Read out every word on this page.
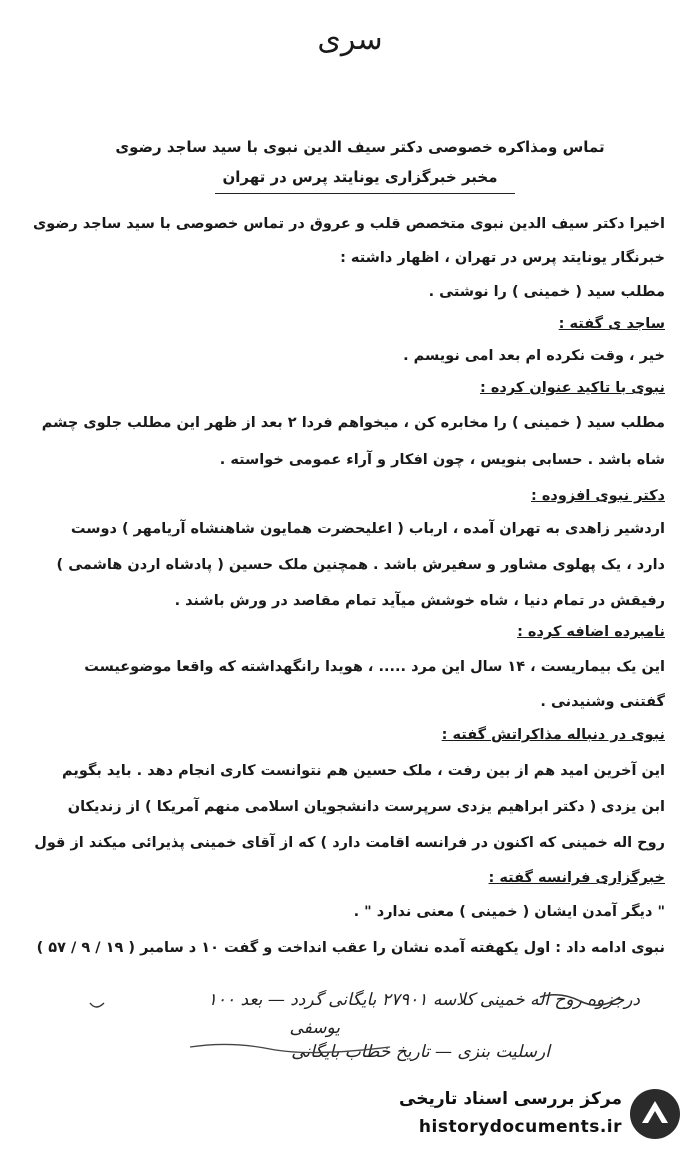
سری
تماس ومذاکره خصوصی دکتر سیف الدین نبوی با سید ساجد رضوی
مخبر خبرگزاری یونایتد پرس در تهران
اخیرا دکتر سیف الدین نبوی متخصص قلب و عروق در تماس خصوصی با سید ساجد رضوی
خبرنگار یونایتد پرس در تهران ، اظهار داشته :
مطلب سید ( خمینی ) را نوشتی .
ساجد ی گفته :
خیر ، وقت نکرده ام بعد امی نویسم .
نبوی با تاکید عنوان کرده :
مطلب سید ( خمینی ) را مخابره کن ، میخواهم فردا ۲ بعد از ظهر این مطلب جلوی چشم
شاه باشد . حسابی بنویس ، چون افکار و آراء عمومی خواسته .
دکتر نبوی افزوده :
اردشیر زاهدی به تهران آمده ، ارباب ( اعلیحضرت همایون شاهنشاه آریامهر ) دوست
دارد ، یک پهلوی مشاور و سفیرش باشد . همچنین ملک حسین ( پادشاه اردن هاشمی )
رفیقش در تمام دنیا ، شاه خوشش میآید تمام مقاصد در ورش باشند .
نامبرده اضافه کرده :
این یک بیماریست ، ۱۴ سال این مرد ..... ، هویدا رانگهداشته که واقعا موضوعیست
گفتنی وشنیدنی .
نبوی در دنباله مذاکراتش گفته :
این آخرین امید هم از بین رفت ، ملک حسین هم نتوانست کاری انجام دهد . باید بگویم
ابن یزدی ( دکتر ابراهیم یزدی سرپرست دانشجویان اسلامی منهم آمریکا ) از زندیکان
روح اله خمینی که اکنون در فرانسه اقامت دارد ) که از آقای خمینی پذیرائی میکند از قول
خبرگزاری فرانسه گفته :
" دیگر آمدن ایشان ( خمینی ) معنی ندارد " .
نبوی ادامه داد : اول یکهفته آمده نشان را عقب انداخت و گفت ۱۰ د سامبر ( ۱۹ / ۹ / ۵۷ )
درجزوه روح اله خمینی کلاسه ۲۷۹۰۱ بایگانی گردد — بعد ۱۰۰
یوسفی
ارسلیت بنزی — تاریخ خطاب بایگانی
مرکز بررسی اسناد تاریخی
historydocuments.ir
